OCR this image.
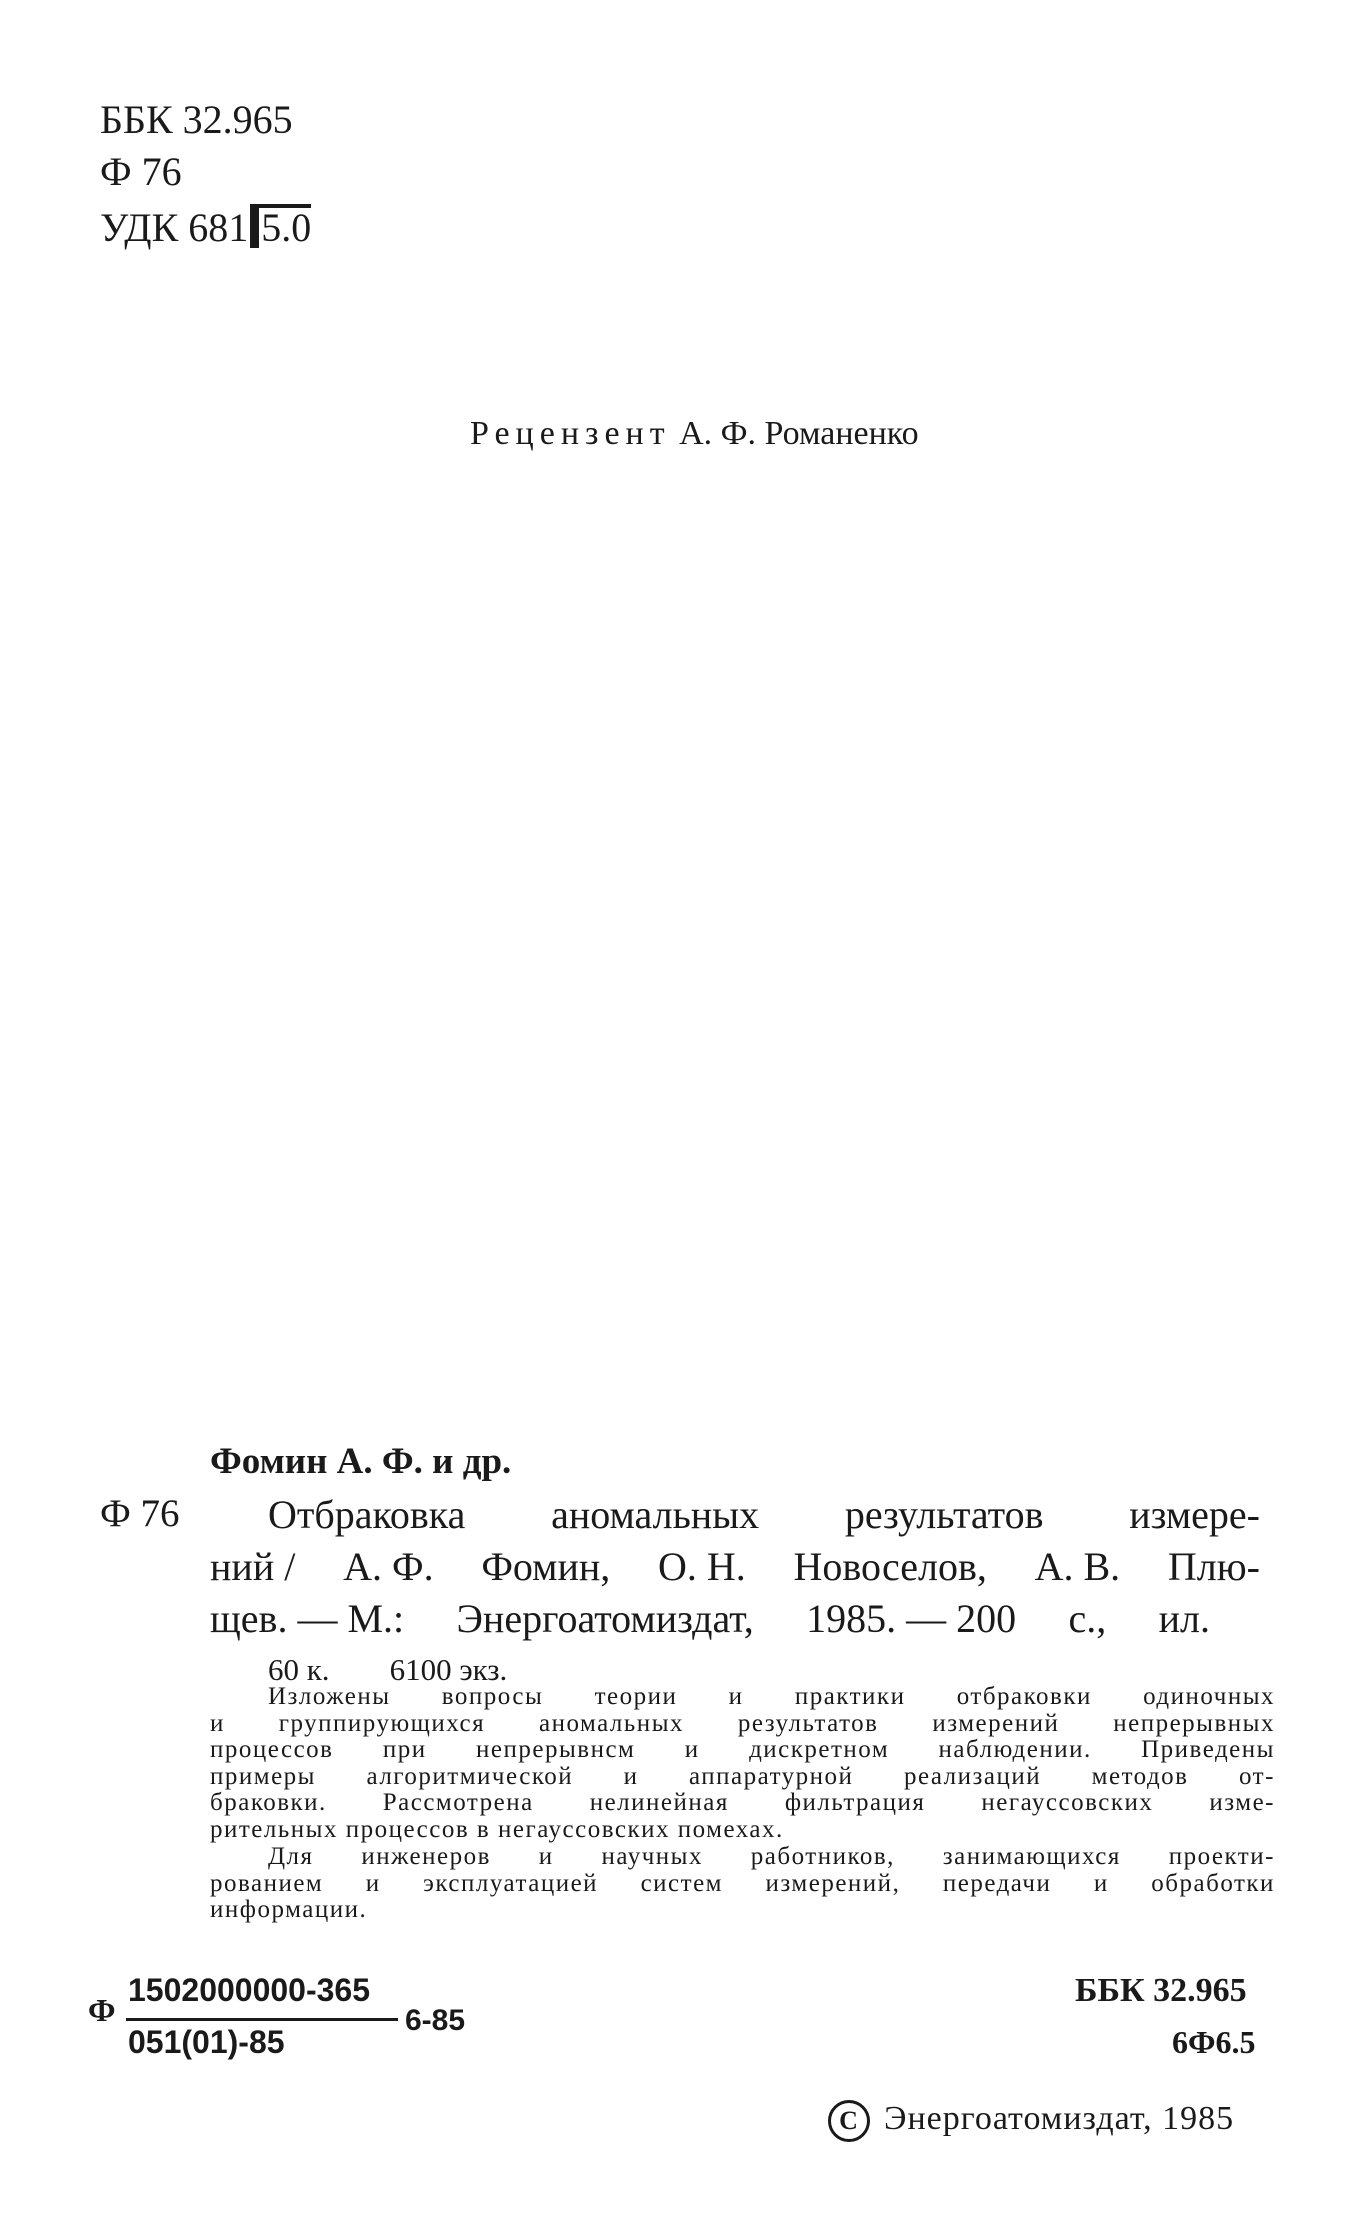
ББК 32.965
Ф 76
УДК 681 5.0
Рецензент А. Ф. Романенко
Фомин А. Ф. и др.
Ф 76 Отбраковка аномальных результатов измере-
ний / А. Ф. Фомин, О. Н. Новоселов, А. В. Плю-
щев. — М.: Энергоатомиздат, 1985. — 200 с., ил.
60 к. 6100 экз.
Изложены вопросы теории и практики отбраковки одиночных
и группирующихся аномальных результатов измерений непрерывных
процессов при непрерывнсм и дискретном наблюдении. Приведены
примеры алгоритмической и аппаратурной реализаций методов от-
браковки. Рассмотрена нелинейная фильтрация негауссовских изме-
рительных процессов в негауссовских помехах.
Для инженеров и научных работников, занимающихся проекти-
рованием и эксплуатацией систем измерений, передачи и обработки
информации.
Ф
1502000000-365
051(01)-85
6-85
ББК 32.965
6Ф6.5
C Энергоатомиздат, 1985
